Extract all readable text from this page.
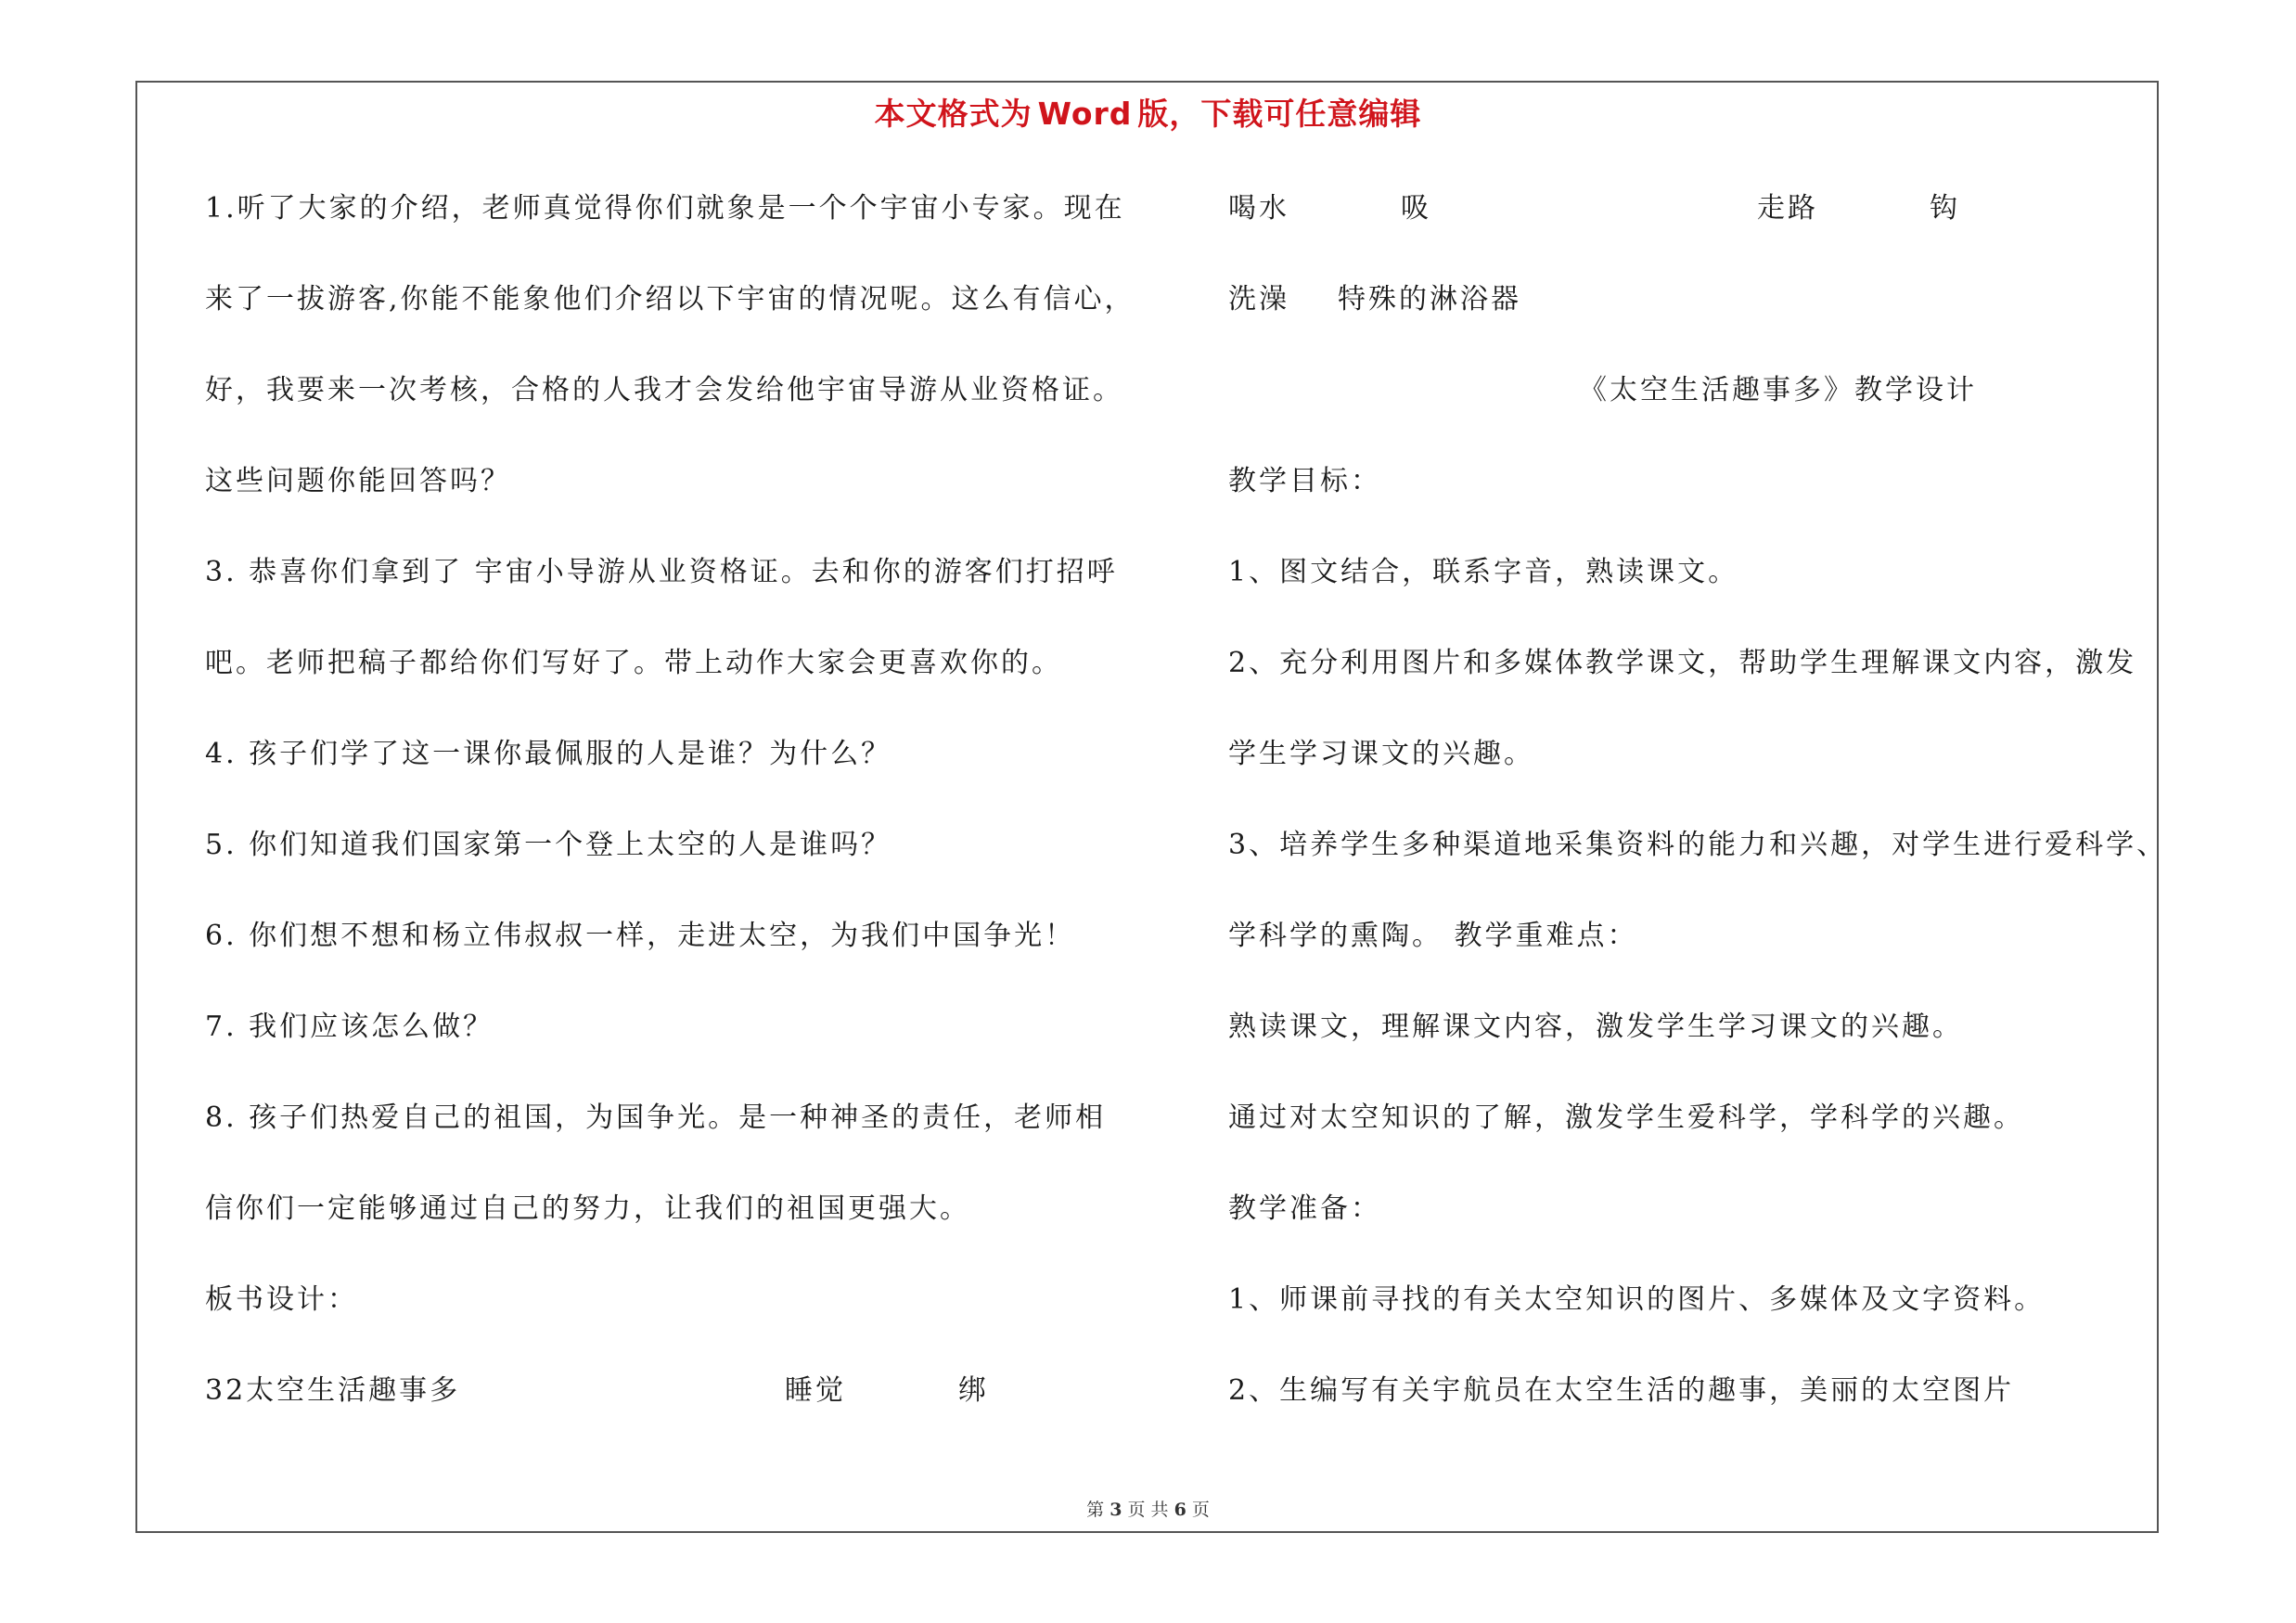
本文格式为 Word 版，下载可任意编辑
1.听了大家的介绍，老师真觉得你们就象是一个个宇宙小专家。现在
来了一拔游客,你能不能象他们介绍以下宇宙的情况呢。这么有信心，
好，我要来一次考核，合格的人我才会发给他宇宙导游从业资格证。
这些问题你能回答吗？
3. 恭喜你们拿到了 宇宙小导游从业资格证。去和你的游客们打招呼
吧。老师把稿子都给你们写好了。带上动作大家会更喜欢你的。
4. 孩子们学了这一课你最佩服的人是谁？为什么？
5. 你们知道我们国家第一个登上太空的人是谁吗？
6. 你们想不想和杨立伟叔叔一样，走进太空，为我们中国争光！
7. 我们应该怎么做？
8. 孩子们热爱自己的祖国，为国争光。是一种神圣的责任，老师相
信你们一定能够通过自己的努力，让我们的祖国更强大。
板书设计：
32太空生活趣事多	睡觉	绑
喝水	吸	走路	钩
洗澡 特殊的淋浴器
《太空生活趣事多》教学设计
教学目标：
1、图文结合，联系字音，熟读课文。
2、充分利用图片和多媒体教学课文，帮助学生理解课文内容，激发
学生学习课文的兴趣。
3、培养学生多种渠道地采集资料的能力和兴趣，对学生进行爱科学、
学科学的熏陶。 教学重难点：
熟读课文，理解课文内容，激发学生学习课文的兴趣。
通过对太空知识的了解，激发学生爱科学，学科学的兴趣。
教学准备：
1、师课前寻找的有关太空知识的图片、多媒体及文字资料。
2、生编写有关宇航员在太空生活的趣事，美丽的太空图片
第 3 页 共 6 页
